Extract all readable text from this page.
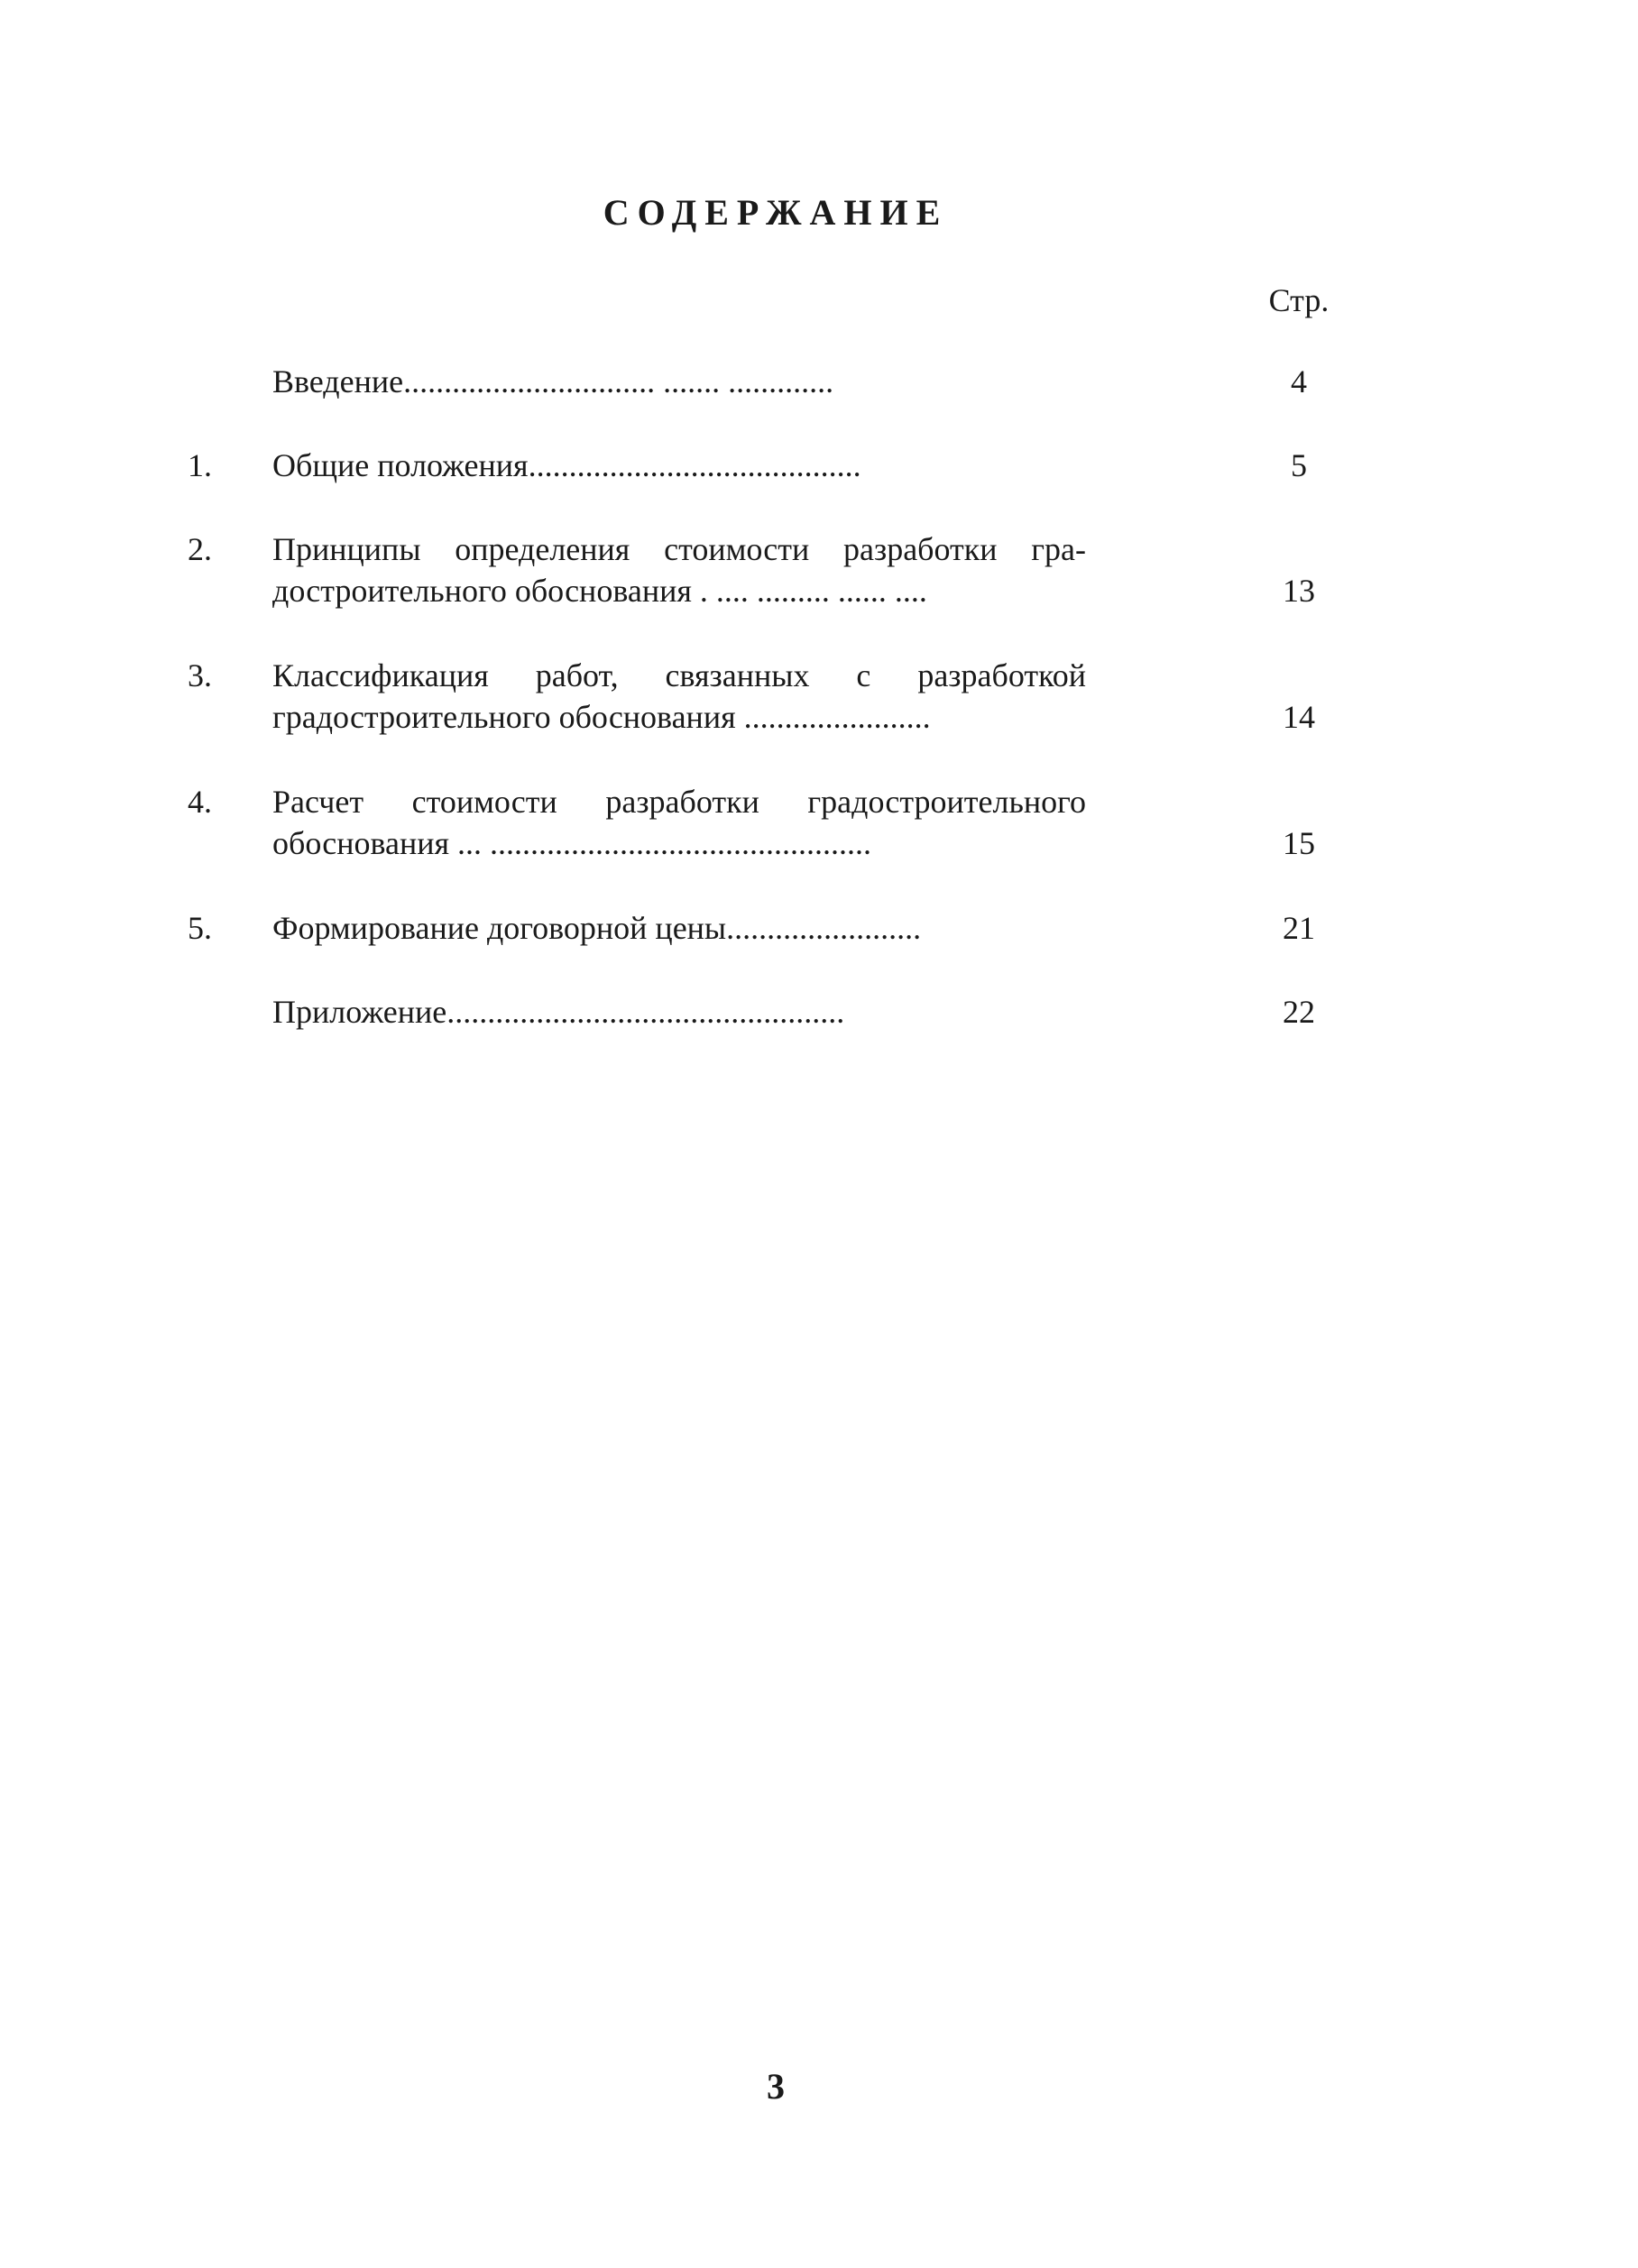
СОДЕРЖАНИЕ
Стр.
Введение............................... ....... .............	4
1.	Общие положения.........................................	5
2.	Принципы определения стоимости разработки гра-
достроительного обоснования . .... ......... ...... ....	13
3.	Классификация работ, связанных с разработкой
градостроительного обоснования .......................	14
4.	Расчет стоимости разработки градостроительного
обоснования ... ...............................................	15
5.	Формирование договорной цены........................	21
Приложение.................................................	22
3
